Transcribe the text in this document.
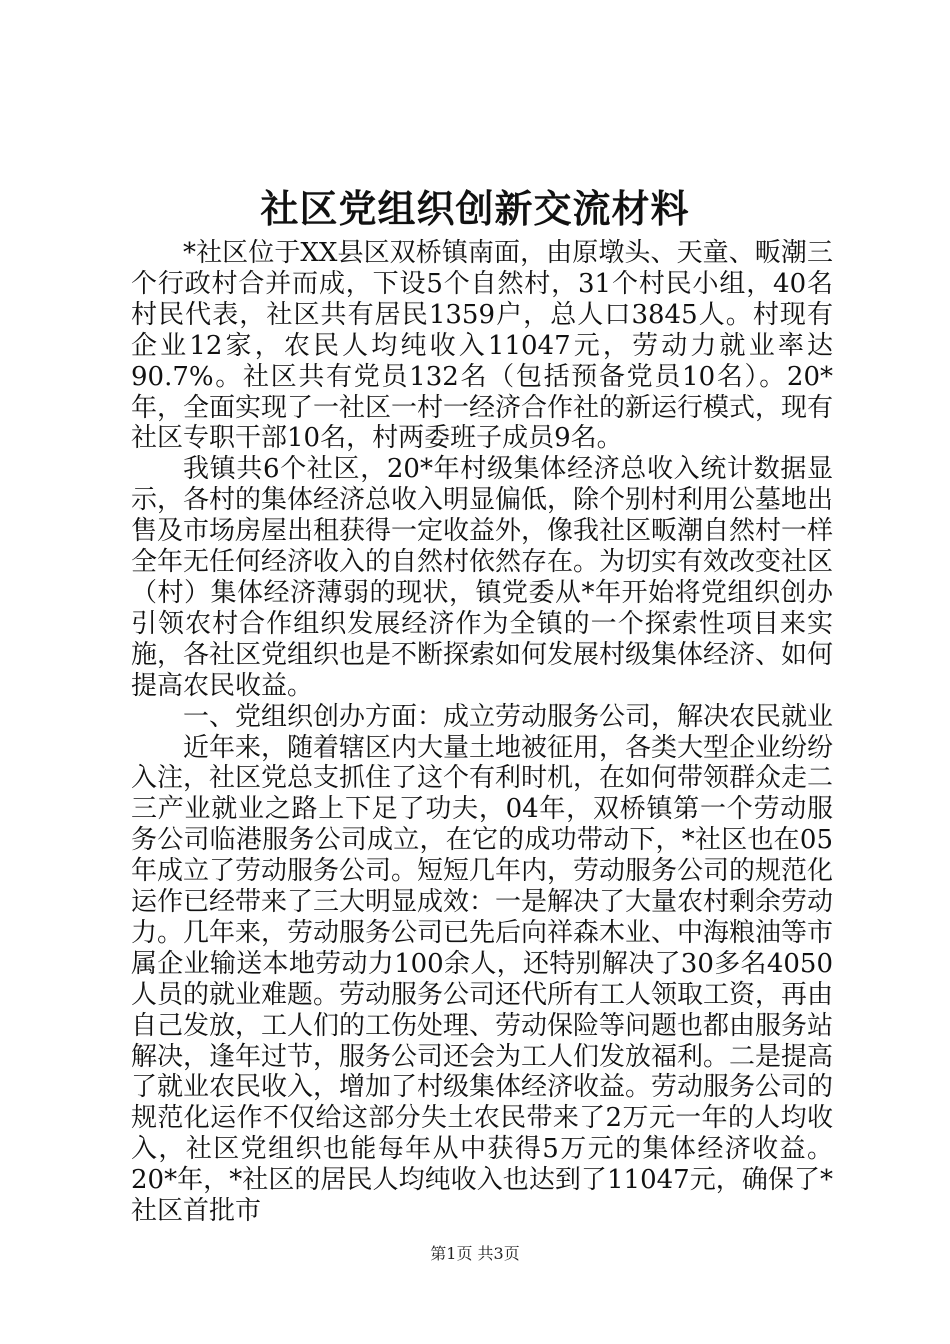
社区党组织创新交流材料

*社区位于XX县区双桥镇南面，由原墩头、天童、畈潮三个行政村合并而成，下设5个自然村，31个村民小组，40名村民代表，社区共有居民1359户，总人口3845人。村现有企业12家，农民人均纯收入11047元，劳动力就业率达90.7%。社区共有党员132名（包括预备党员10名）。20*年，全面实现了一社区一村一经济合作社的新运行模式，现有社区专职干部10名，村两委班子成员9名。

我镇共6个社区，20*年村级集体经济总收入统计数据显示，各村的集体经济总收入明显偏低，除个别村利用公墓地出售及市场房屋出租获得一定收益外，像我社区畈潮自然村一样全年无任何经济收入的自然村依然存在。为切实有效改变社区（村）集体经济薄弱的现状，镇党委从*年开始将党组织创办引领农村合作组织发展经济作为全镇的一个探索性项目来实施，各社区党组织也是不断探索如何发展村级集体经济、如何提高农民收益。

一、党组织创办方面：成立劳动服务公司，解决农民就业

近年来，随着辖区内大量土地被征用，各类大型企业纷纷入注，社区党总支抓住了这个有利时机，在如何带领群众走二三产业就业之路上下足了功夫，04年，双桥镇第一个劳动服务公司临港服务公司成立，在它的成功带动下，*社区也在05年成立了劳动服务公司。短短几年内，劳动服务公司的规范化运作已经带来了三大明显成效：一是解决了大量农村剩余劳动力。几年来，劳动服务公司已先后向祥森木业、中海粮油等市属企业输送本地劳动力100余人，还特别解决了30多名4050人员的就业难题。劳动服务公司还代所有工人领取工资，再由自己发放，工人们的工伤处理、劳动保险等问题也都由服务站解决，逢年过节，服务公司还会为工人们发放福利。二是提高了就业农民收入，增加了村级集体经济收益。劳动服务公司的规范化运作不仅给这部分失土农民带来了2万元一年的人均收入，社区党组织也能每年从中获得5万元的集体经济收益。20*年，*社区的居民人均纯收入也达到了11047元，确保了*社区首批市

第1页 共3页
